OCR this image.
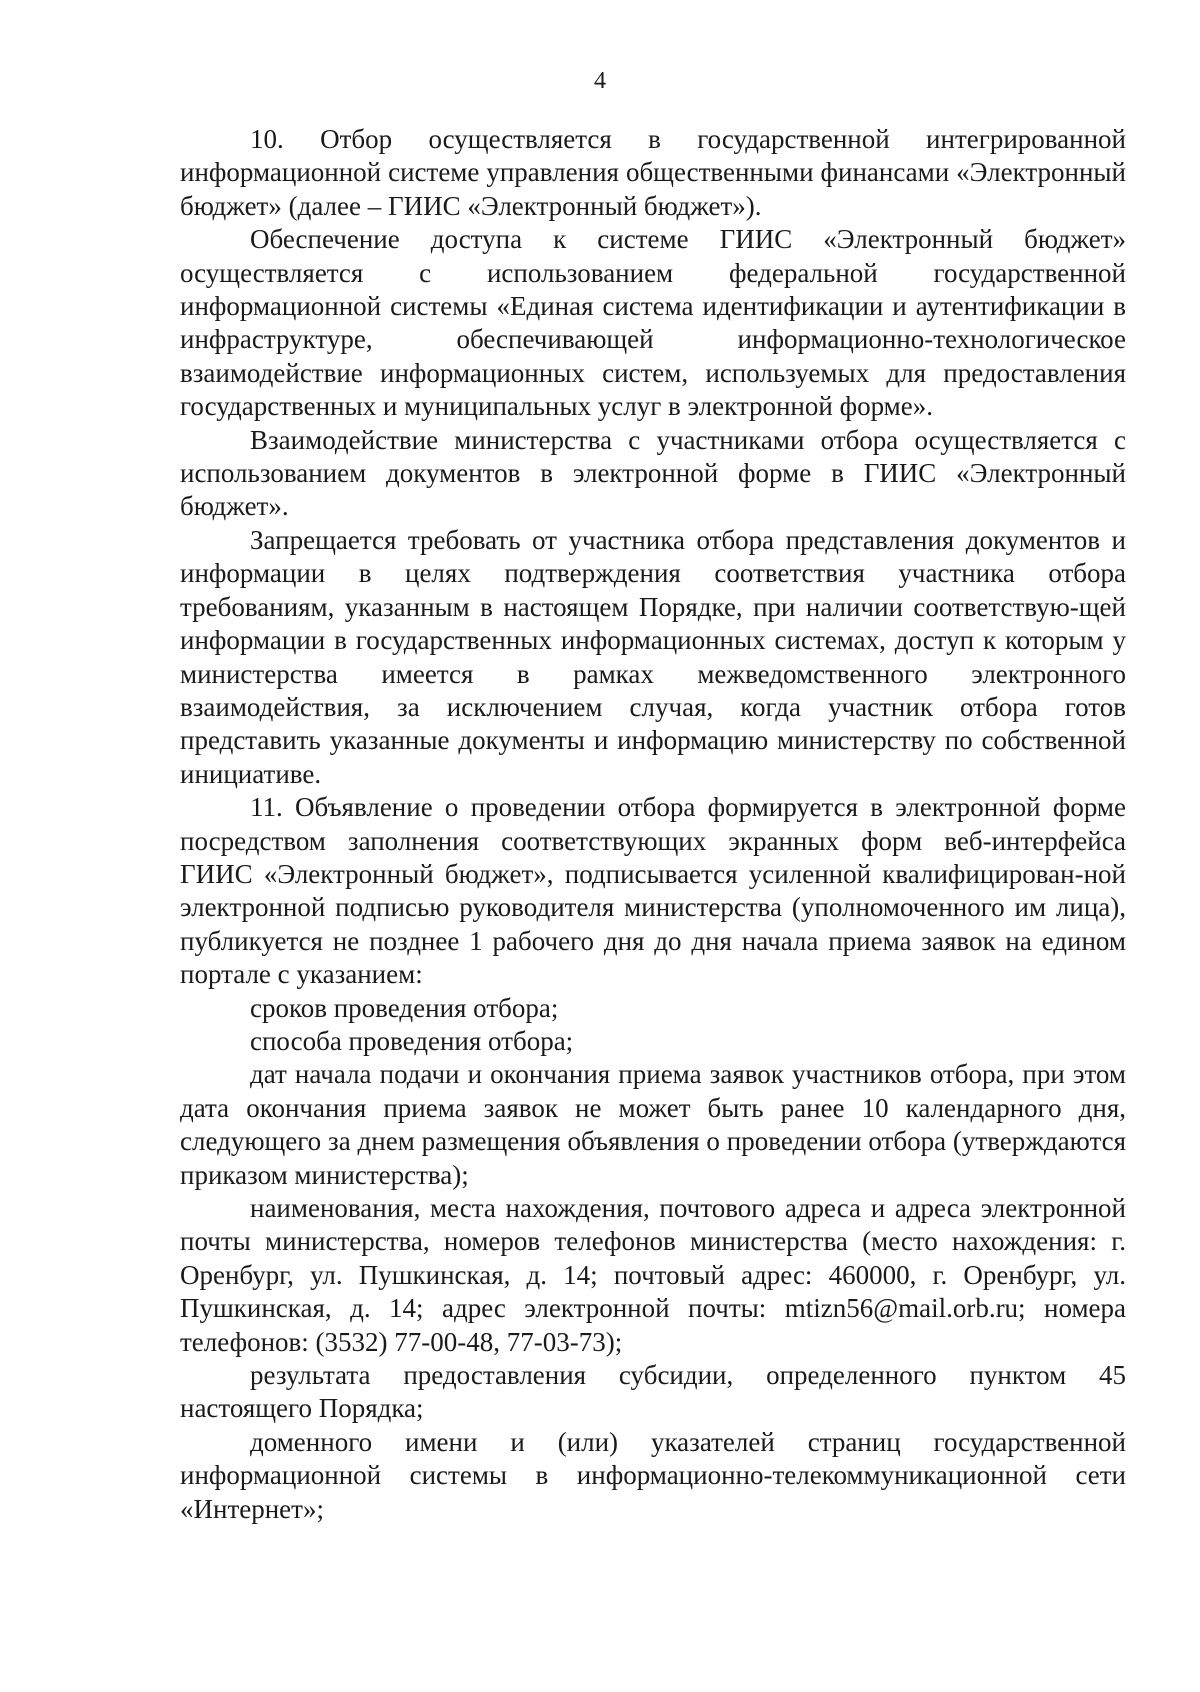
4

10. Отбор осуществляется в государственной интегрированной информационной системе управления общественными финансами «Электронный бюджет» (далее – ГИИС «Электронный бюджет»).

Обеспечение доступа к системе ГИИС «Электронный бюджет» осуществляется с использованием федеральной государственной информационной системы «Единая система идентификации и аутентификации в инфраструктуре, обеспечивающей информационно-технологическое взаимодействие информационных систем, используемых для предоставления государственных и муниципальных услуг в электронной форме».

Взаимодействие министерства с участниками отбора осуществляется с использованием документов в электронной форме в ГИИС «Электронный бюджет».

Запрещается требовать от участника отбора представления документов и информации в целях подтверждения соответствия участника отбора требованиям, указанным в настоящем Порядке, при наличии соответствую-щей информации в государственных информационных системах, доступ к которым у министерства имеется в рамках межведомственного электронного взаимодействия, за исключением случая, когда участник отбора готов представить указанные документы и информацию министерству по собственной инициативе.

11. Объявление о проведении отбора формируется в электронной форме посредством заполнения соответствующих экранных форм веб-интерфейса ГИИС «Электронный бюджет», подписывается усиленной квалифицирован-ной электронной подписью руководителя министерства (уполномоченного им лица), публикуется не позднее 1 рабочего дня до дня начала приема заявок на едином портале с указанием:

сроков проведения отбора;

способа проведения отбора;

дат начала подачи и окончания приема заявок участников отбора, при этом дата окончания приема заявок не может быть ранее 10 календарного дня, следующего за днем размещения объявления о проведении отбора (утверждаются приказом министерства);

наименования, места нахождения, почтового адреса и адреса электронной почты министерства, номеров телефонов министерства (место нахождения: г. Оренбург, ул. Пушкинская, д. 14; почтовый адрес: 460000, г. Оренбург, ул. Пушкинская, д. 14; адрес электронной почты: mtizn56@mail.orb.ru; номера телефонов: (3532) 77-00-48, 77-03-73);

результата предоставления субсидии, определенного пунктом 45 настоящего Порядка;

доменного имени и (или) указателей страниц государственной информационной системы в информационно-телекоммуникационной сети «Интернет»;
